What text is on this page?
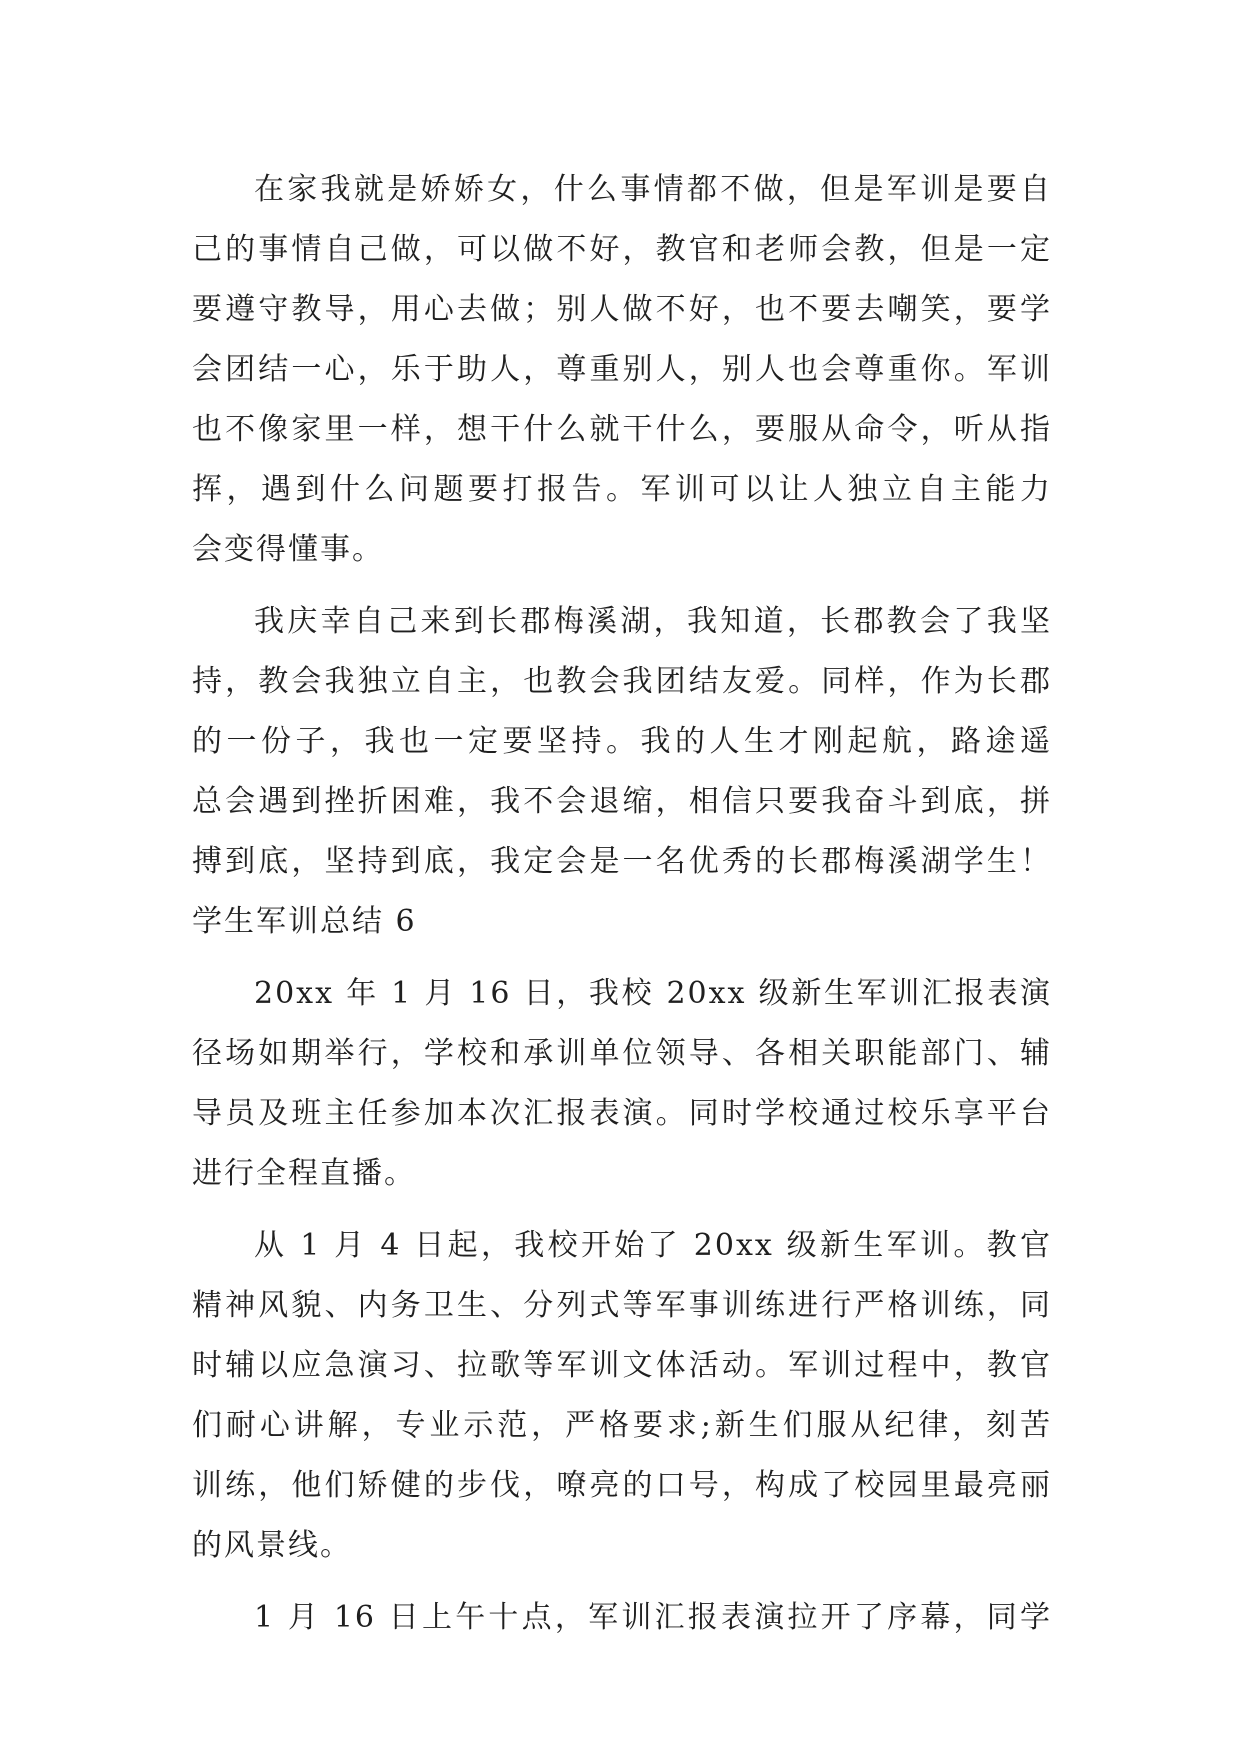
在家我就是娇娇女，什么事情都不做，但是军训是要自
己的事情自己做，可以做不好，教官和老师会教，但是一定
要遵守教导，用心去做；别人做不好，也不要去嘲笑，要学
会团结一心，乐于助人，尊重别人，别人也会尊重你。军训
也不像家里一样，想干什么就干什么，要服从命令，听从指
挥，遇到什么问题要打报告。军训可以让人独立自主能力
会变得懂事。
我庆幸自己来到长郡梅溪湖，我知道，长郡教会了我坚
持，教会我独立自主，也教会我团结友爱。同样，作为长郡
的一份子，我也一定要坚持。我的人生才刚起航，路途遥
总会遇到挫折困难，我不会退缩，相信只要我奋斗到底，拼
搏到底，坚持到底，我定会是一名优秀的长郡梅溪湖学生！
学生军训总结 6
20xx 年 1 月 16 日，我校 20xx 级新生军训汇报表演
径场如期举行，学校和承训单位领导、各相关职能部门、辅
导员及班主任参加本次汇报表演。同时学校通过校乐享平台
进行全程直播。
从 1 月 4 日起，我校开始了 20xx 级新生军训。教官
精神风貌、内务卫生、分列式等军事训练进行严格训练，同
时辅以应急演习、拉歌等军训文体活动。军训过程中，教官
们耐心讲解，专业示范，严格要求;新生们服从纪律，刻苦
训练，他们矫健的步伐，嘹亮的口号，构成了校园里最亮丽
的风景线。
1 月 16 日上午十点，军训汇报表演拉开了序幕，同学
